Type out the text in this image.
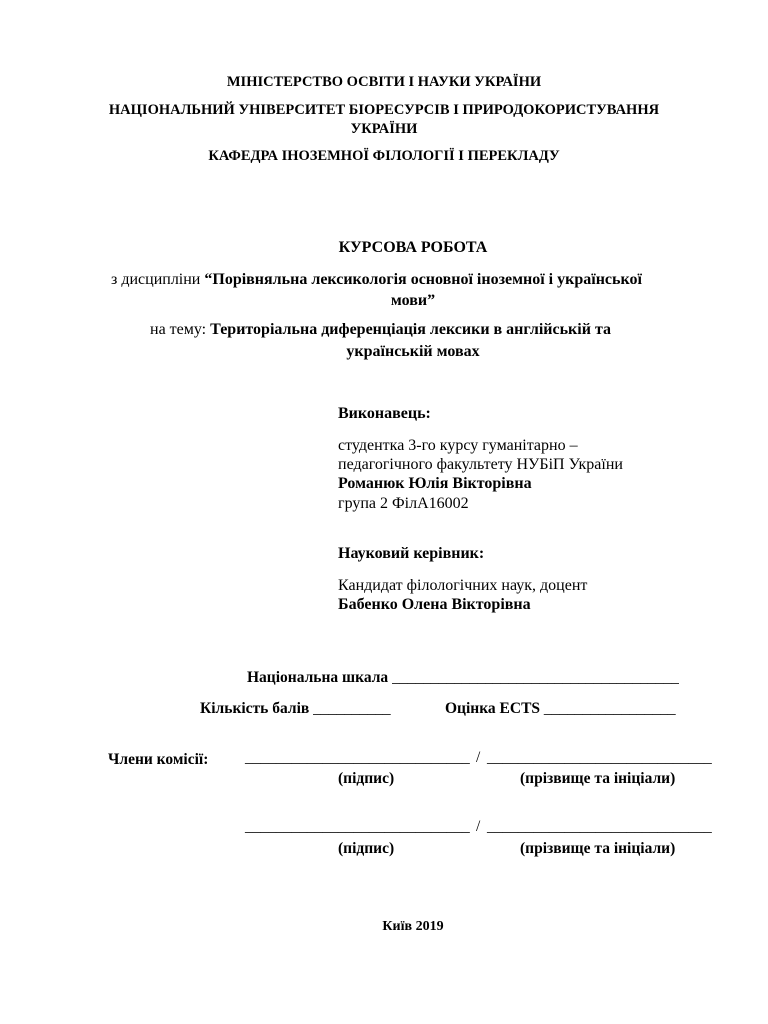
МІНІСТЕРСТВО ОСВІТИ І НАУКИ УКРАЇНИ
НАЦІОНАЛЬНИЙ УНІВЕРСИТЕТ БІОРЕСУРСІВ І ПРИРОДОКОРИСТУВАННЯ
УКРАЇНИ
КАФЕДРА ІНОЗЕМНОЇ ФІЛОЛОГІЇ І ПЕРЕКЛАДУ
КУРСОВА РОБОТА
з дисципліни “Порівняльна лексикологія основної іноземної і української
мови”
на тему: Територіальна диференціація лексики в англійській та
українській мовах
Виконавець:
студентка 3-го курсу гуманітарно –
педагогічного факультету НУБіП України
Романюк Юлія Вікторівна
група 2 ФілА16002
Науковий керівник:
Кандидат філологічних наук, доцент
Бабенко Олена Вікторівна
Національна шкала _____________________________________
Кількість балів __________	Оцінка ECTS _________________
Члени комісії: _____________________________ / _____________________________
(підпис)	(прізвище та ініціали)
_____________________________ / _____________________________
(підпис)	(прізвище та ініціали)
Київ 2019
